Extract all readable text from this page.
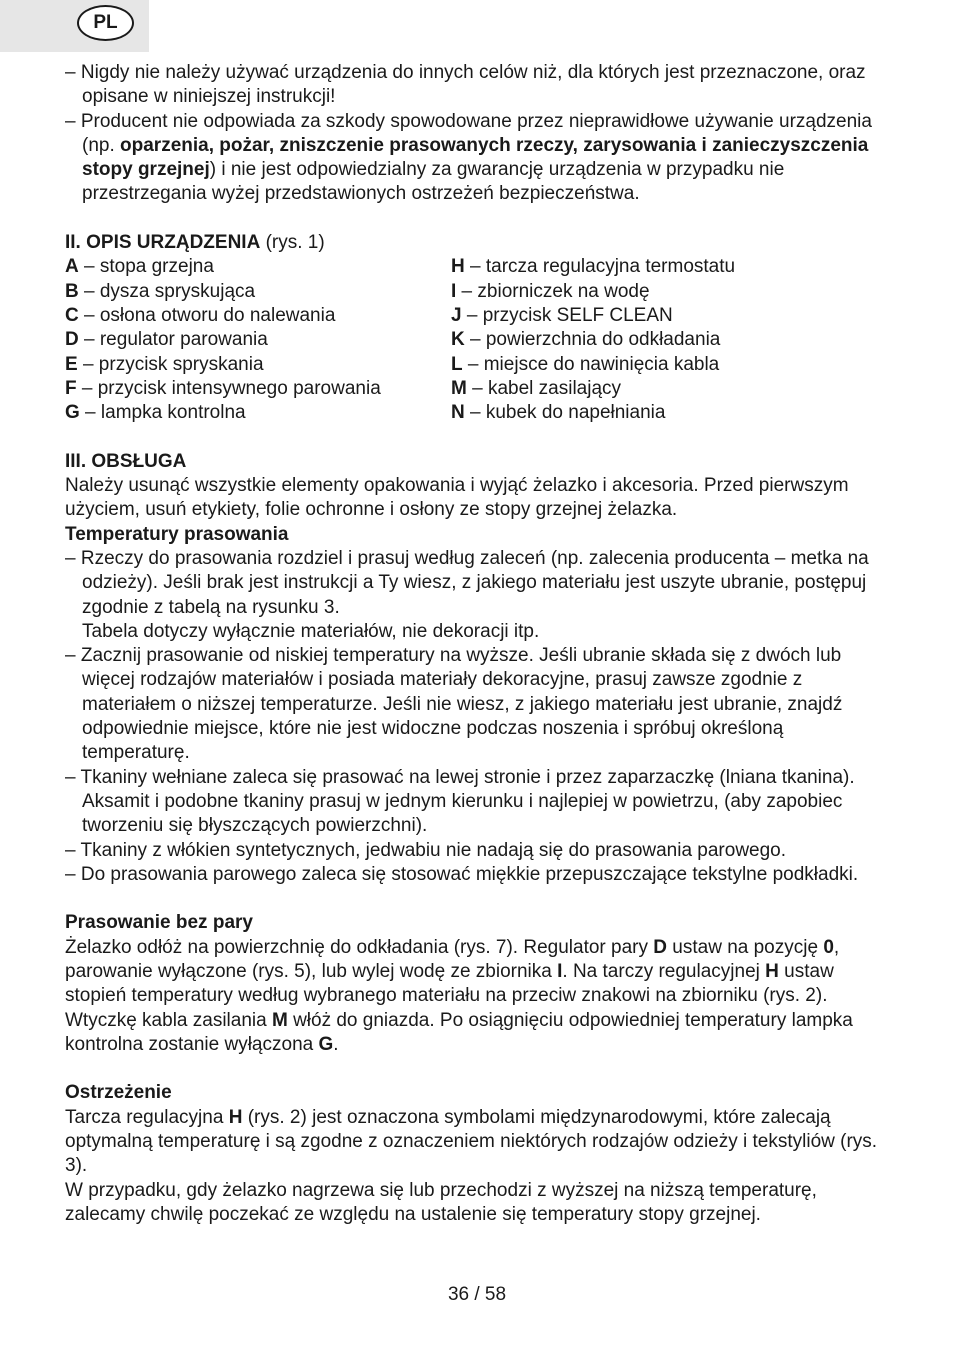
PL

– Nigdy nie należy używać urządzenia do innych celów niż, dla których jest przeznaczone, oraz opisane w niniejszej instrukcji!

– Producent nie odpowiada za szkody spowodowane przez nieprawidłowe używanie urządzenia (np. oparzenia, pożar, zniszczenie prasowanych rzeczy, zarysowania i zanieczyszczenia stopy grzejnej) i nie jest odpowiedzialny za gwarancję urządzenia w przypadku nie przestrzegania wyżej przedstawionych ostrzeżeń bezpieczeństwa.

II. OPIS URZĄDZENIA (rys. 1)

A – stopa grzejna

B – dysza spryskująca

C – osłona otworu do nalewania

D – regulator parowania

E – przycisk spryskania

F – przycisk intensywnego parowania

G – lampka kontrolna

H – tarcza regulacyjna termostatu

I – zbiorniczek na wodę

J – przycisk SELF CLEAN

K – powierzchnia do odkładania

L – miejsce do nawinięcia kabla

M – kabel zasilający

N – kubek do napełniania

III. OBSŁUGA

Należy usunąć wszystkie elementy opakowania i wyjąć żelazko i akcesoria. Przed pierwszym użyciem, usuń etykiety, folie ochronne i osłony ze stopy grzejnej żelazka.

Temperatury prasowania

– Rzeczy do prasowania rozdziel i prasuj według zaleceń (np. zalecenia producenta – metka na odzieży). Jeśli brak jest instrukcji a Ty wiesz, z jakiego materiału jest uszyte ubranie, postępuj zgodnie z tabelą na rysunku 3.

Tabela dotyczy wyłącznie materiałów, nie dekoracji itp.

– Zacznij prasowanie od niskiej temperatury na wyższe. Jeśli ubranie składa się z dwóch lub więcej rodzajów materiałów i posiada materiały dekoracyjne, prasuj zawsze zgodnie z materiałem o niższej temperaturze. Jeśli nie wiesz, z jakiego materiału jest ubranie, znajdź odpowiednie miejsce, które nie jest widoczne podczas noszenia i spróbuj określoną temperaturę.

– Tkaniny wełniane zaleca się prasować na lewej stronie i przez zaparzaczkę (lniana tkanina). Aksamit i podobne tkaniny prasuj w jednym kierunku i najlepiej w powietrzu, (aby zapobiec tworzeniu się błyszczących powierzchni).

– Tkaniny z włókien syntetycznych, jedwabiu nie nadają się do prasowania parowego.

– Do prasowania parowego zaleca się stosować miękkie przepuszczające tekstylne podkładki.

Prasowanie bez pary

Żelazko odłóż na powierzchnię do odkładania (rys. 7). Regulator pary D ustaw na pozycję 0, parowanie wyłączone (rys. 5), lub wylej wodę ze zbiornika I. Na tarczy regulacyjnej H ustaw stopień temperatury według wybranego materiału na przeciw znakowi na zbiorniku (rys. 2). Wtyczkę kabla zasilania M włóż do gniazda. Po osiągnięciu odpowiedniej temperatury lampka kontrolna zostanie wyłączona G.

Ostrzeżenie

Tarcza regulacyjna H (rys. 2) jest oznaczona symbolami międzynarodowymi, które zalecają optymalną temperaturę i są zgodne z oznaczeniem niektórych rodzajów odzieży i tekstyliów (rys. 3).

W przypadku, gdy żelazko nagrzewa się lub przechodzi z wyższej na niższą temperaturę, zalecamy chwilę poczekać ze względu na ustalenie się temperatury stopy grzejnej.

36 / 58
